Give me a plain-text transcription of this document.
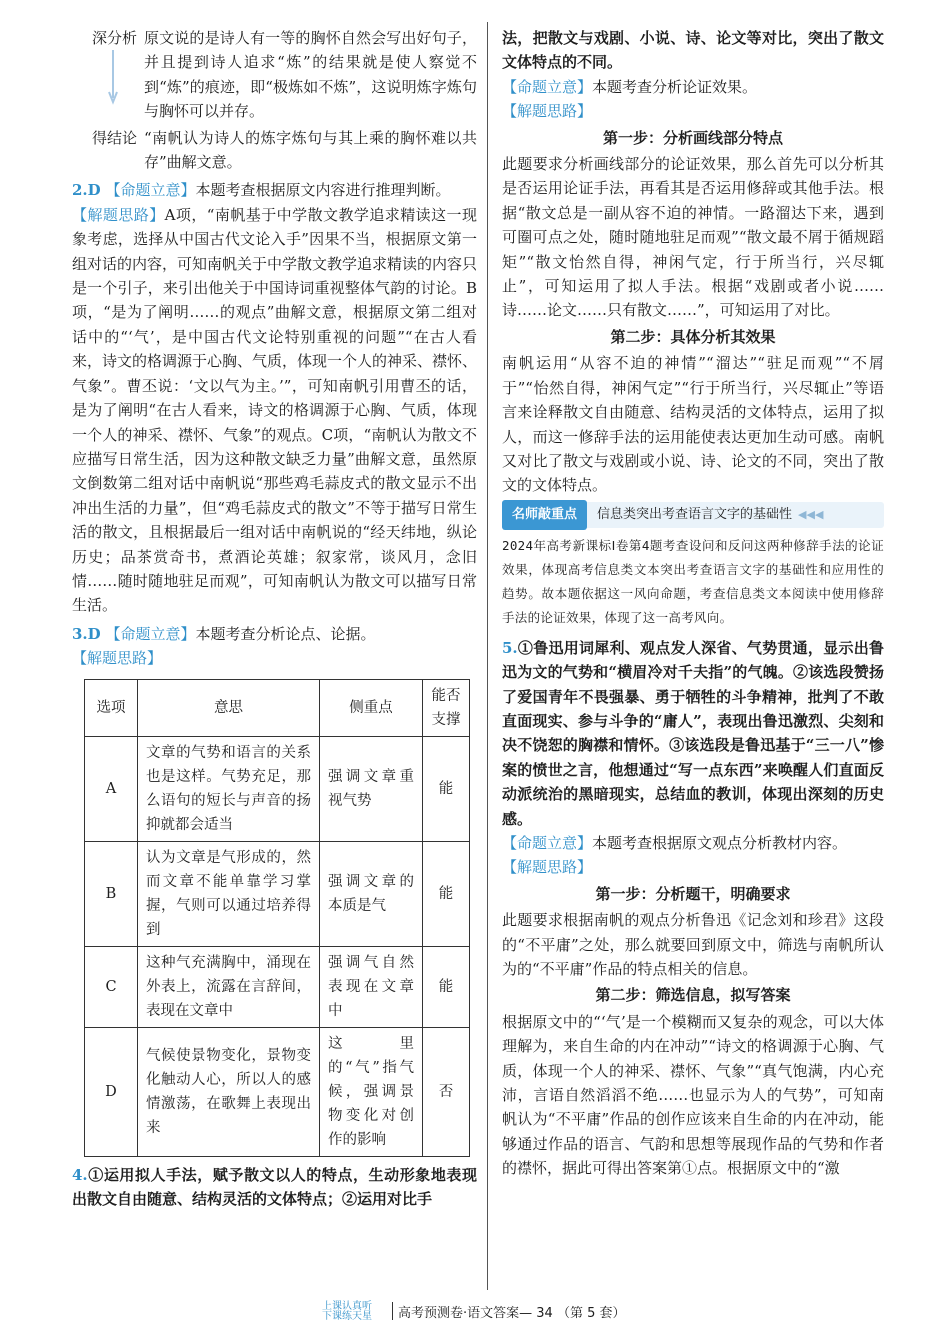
深分析 原文说的是诗人有一等的胸怀自然会写出好句子，并且提到诗人追求“炼”的结果就是使人察觉不到“炼”的痕迹，即“极炼如不炼”，这说明炼字炼句与胸怀可以并存。

得结论 “南帆认为诗人的炼字炼句与其上乘的胸怀难以共存”曲解文意。

2.D 【命题立意】本题考查根据原文内容进行推理判断。

【解题思路】A项，“南帆基于中学散文教学追求精读这一现象考虑，选择从中国古代文论入手”因果不当，根据原文第一组对话的内容，可知南帆关于中学散文教学追求精读的内容只是一个引子，来引出他关于中国诗词重视整体气韵的讨论。B项，“是为了阐明……的观点”曲解文意，根据原文第二组对话中的“‘气’，是中国古代文论特别重视的问题”“在古人看来，诗文的格调源于心胸、气质，体现一个人的神采、襟怀、气象”。曹丕说：‘文以气为主。’”，可知南帆引用曹丕的话，是为了阐明“在古人看来，诗文的格调源于心胸、气质，体现一个人的神采、襟怀、气象”的观点。C项，“南帆认为散文不应描写日常生活，因为这种散文缺乏力量”曲解文意，虽然原文倒数第二组对话中南帆说“那些鸡毛蒜皮式的散文显示不出冲出生活的力量”，但“鸡毛蒜皮式的散文”不等于描写日常生活的散文，且根据最后一组对话中南帆说的“经天纬地，纵论历史；品茶赏奇书，煮酒论英雄；叙家常，谈风月，念旧情……随时随地驻足而观”，可知南帆认为散文可以描写日常生活。

3.D 【命题立意】本题考查分析论点、论据。

【解题思路】

选项	意思	侧重点	能否支撑
A	文章的气势和语言的关系也是这样。气势充足，那么语句的短长与声音的扬抑就都会适当	强调文章重视气势	能
B	认为文章是气形成的，然而文章不能单靠学习掌握，气则可以通过培养得到	强调文章的本质是气	能
C	这种气充满胸中，涌现在外表上，流露在言辞间，表现在文章中	强调气自然表现在文章中	能
D	气候使景物变化，景物变化触动人心，所以人的感情激荡，在歌舞上表现出来	这里的“气”指气候，强调景物变化对创作的影响	否

4.①运用拟人手法，赋予散文以人的特点，生动形象地表现出散文自由随意、结构灵活的文体特点；②运用对比手

法，把散文与戏剧、小说、诗、论文等对比，突出了散文文体特点的不同。

【命题立意】本题考查分析论证效果。

【解题思路】

第一步：分析画线部分特点

此题要求分析画线部分的论证效果，那么首先可以分析其是否运用论证手法，再看其是否运用修辞或其他手法。根据“散文总是一副从容不迫的神情。一路溜达下来，遇到可圈可点之处，随时随地驻足而观”“散文最不屑于循规蹈矩”“散文怡然自得，神闲气定，行于所当行，兴尽辄止”，可知运用了拟人手法。根据“戏剧或者小说……诗……论文……只有散文……”，可知运用了对比。

第二步：具体分析其效果

南帆运用“从容不迫的神情”“溜达”“驻足而观”“不屑于”“怡然自得，神闲气定”“行于所当行，兴尽辄止”等语言来诠释散文自由随意、结构灵活的文体特点，运用了拟人，而这一修辞手法的运用能使表达更加生动可感。南帆又对比了散文与戏剧或小说、诗、论文的不同，突出了散文的文体特点。

名师敲重点	信息类突出考查语言文字的基础性 ◀◀◀

2024年高考新课标Ⅰ卷第4题考查设问和反问这两种修辞手法的论证效果，体现高考信息类文本突出考查语言文字的基础性和应用性的趋势。故本题依据这一风向命题，考查信息类文本阅读中使用修辞手法的论证效果，体现了这一高考风向。

5.①鲁迅用词犀利、观点发人深省、气势贯通，显示出鲁迅为文的气势和“横眉冷对千夫指”的气魄。②该选段赞扬了爱国青年不畏强暴、勇于牺牲的斗争精神，批判了不敢直面现实、参与斗争的“庸人”，表现出鲁迅激烈、尖刻和决不饶恕的胸襟和情怀。③该选段是鲁迅基于“三一八”惨案的愤世之言，他想通过“写一点东西”来唤醒人们直面反动派统治的黑暗现实，总结血的教训，体现出深刻的历史感。

【命题立意】本题考查根据原文观点分析教材内容。

【解题思路】

第一步：分析题干，明确要求

此题要求根据南帆的观点分析鲁迅《记念刘和珍君》这段的“不平庸”之处，那么就要回到原文中，筛选与南帆所认为的“不平庸”作品的特点相关的信息。

第二步：筛选信息，拟写答案

根据原文中的“‘气’是一个模糊而又复杂的观念，可以大体理解为，来自生命的内在冲动”“诗文的格调源于心胸、气质，体现一个人的神采、襟怀、气象”“真气饱满，内心充沛，言语自然滔滔不绝……也显示为人的气势”，可知南帆认为“不平庸”作品的创作应该来自生命的内在冲动，能够通过作品的语言、气韵和思想等展现作品的气势和作者的襟怀，据此可得出答案第①点。根据原文中的“激

上课认真听
下课练天星 高考预测卷·语文答案— 34 （第 5 套）
